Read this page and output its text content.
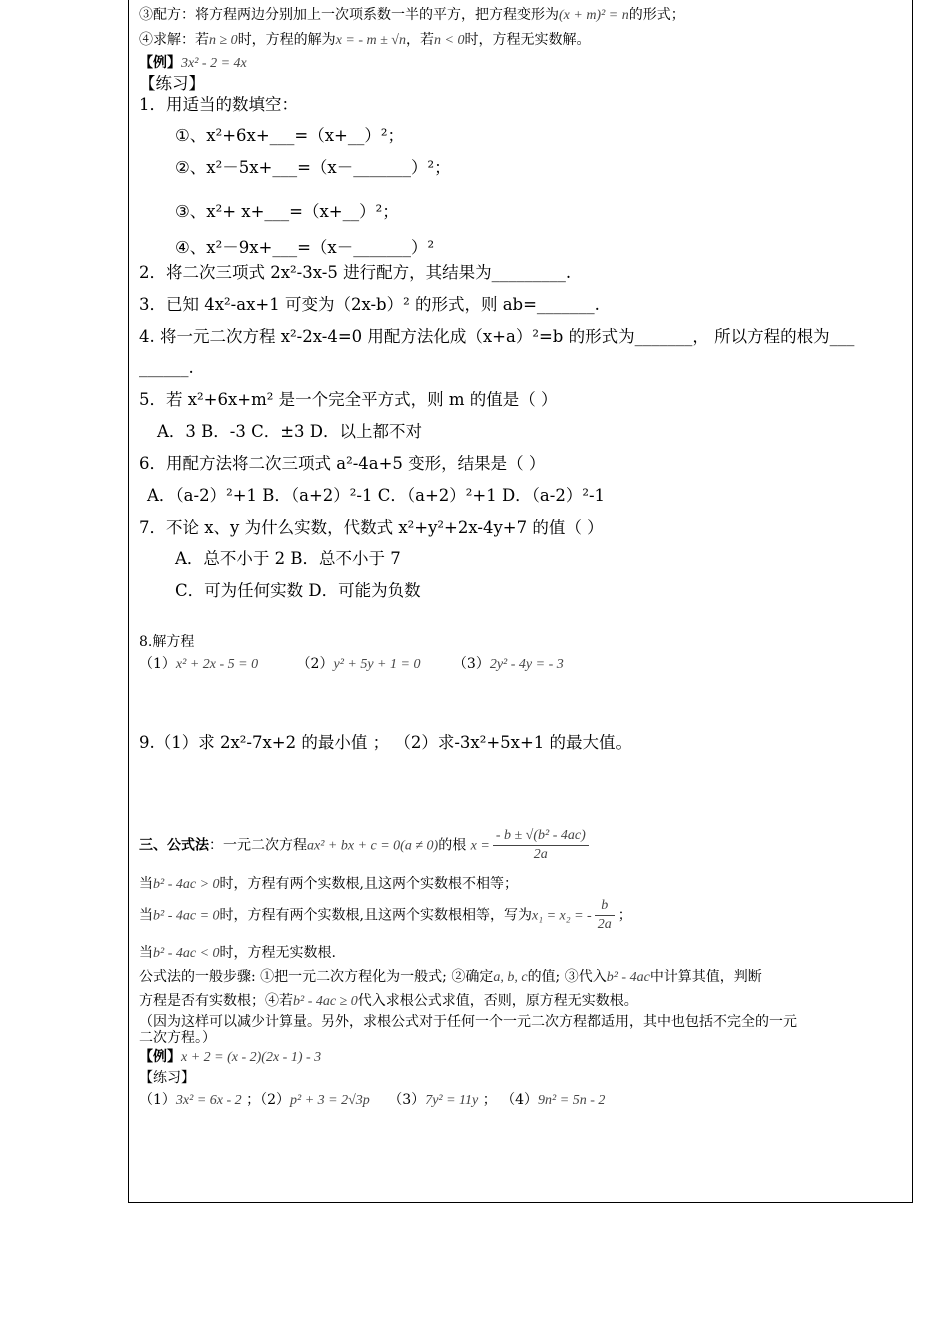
③配方：将方程两边分别加上一次项系数一半的平方，把方程变形为(x + m)² = n的形式；
④求解：若n ≥ 0时，方程的解为x = - m ± √n，若n < 0时，方程无实数解。
【例】3x² - 2 = 4x
【练习】
1．用适当的数填空：
①、x²+6x+___=（x+__）²；
②、x²－5x+___=（x－_______）²；
③、x²+ x+___=（x+__）²；
④、x²－9x+___=（x－_______）²
2．将二次三项式 2x²-3x-5 进行配方，其结果为_________.
3．已知 4x²-ax+1 可变为（2x-b）² 的形式，则 ab=_______.
4. 将一元二次方程 x²-2x-4=0 用配方法化成（x+a）²=b 的形式为_______， 所以方程的根为___
______.
5．若 x²+6x+m² 是一个完全平方式，则 m 的值是（ ）
A．3 B．-3 C．±3 D．以上都不对
6．用配方法将二次三项式 a²-4a+5 变形，结果是（ ）
A．（a-2）²+1 B．（a+2）²-1 C．（a+2）²+1 D．（a-2）²-1
7．不论 x、y 为什么实数，代数式 x²+y²+2x-4y+7 的值（ ）
A．总不小于 2 B．总不小于 7
C．可为任何实数 D．可能为负数
8.解方程
（1）x² + 2x - 5 = 0	（2）y² + 5y + 1 = 0 （3）2y² - 4y = - 3
9.（1）求 2x²-7x+2 的最小值 ； （2）求-3x²+5x+1 的最大值。
三、公式法：一元二次方程ax² + bx + c = 0(a ≠ 0)的根 $x = \frac{\text{- b ± √(b² - 4ac)}}{2a}$
当b² - 4ac > 0时，方程有两个实数根,且这两个实数根不相等；
当b² - 4ac = 0时，方程有两个实数根,且这两个实数根相等，写为x₁ = x₂ = - $\frac{b}{2a}$ ；
当b² - 4ac < 0时，方程无实数根.
公式法的一般步骤: ①把一元二次方程化为一般式; ②确定a, b, c的值; ③代入b² - 4ac中计算其值，判断
方程是否有实数根；④若b² - 4ac ≥ 0代入求根公式求值，否则，原方程无实数根。
（因为这样可以减少计算量。另外，求根公式对于任何一个一元二次方程都适用，其中也包括不完全的一元
二次方程。）
【例】x + 2 = (x - 2)(2x - 1) - 3
【练习】
（1）3x² = 6x - 2 ；（2）p² + 3 = 2√3p （3）7y² = 11y ； （4）9n² = 5n - 2
